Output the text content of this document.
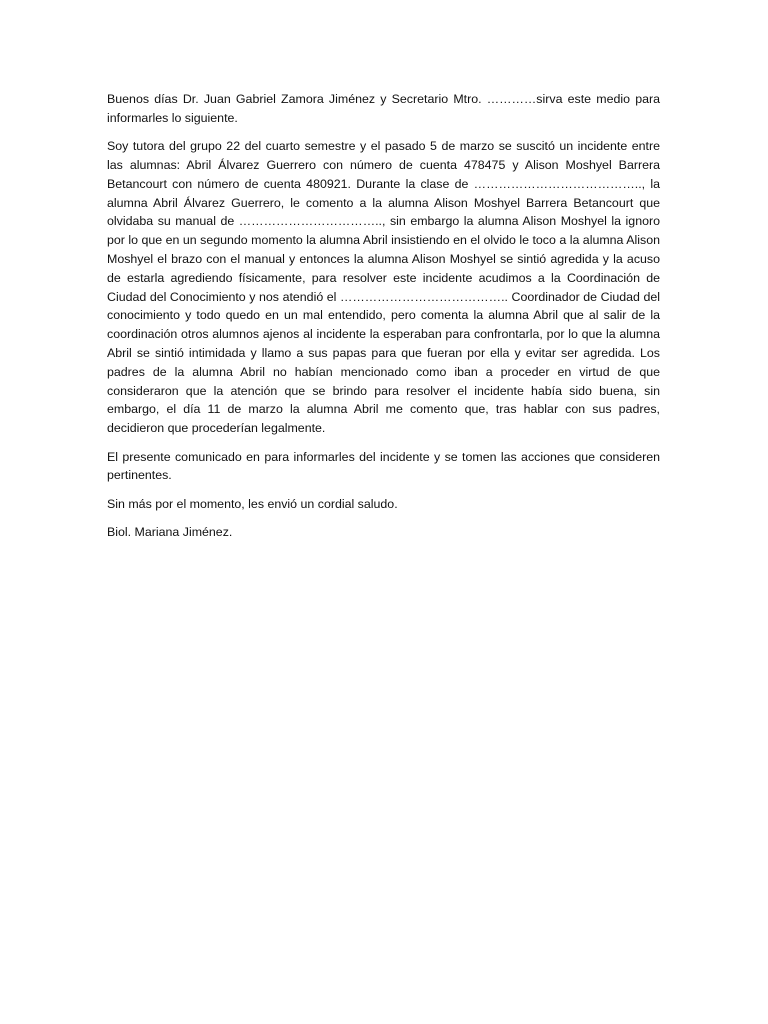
Buenos días Dr. Juan Gabriel Zamora Jiménez y Secretario Mtro. …………sirva este medio para informarles lo siguiente.

Soy tutora del grupo 22 del cuarto semestre y el pasado 5 de marzo se suscitó un incidente entre las alumnas: Abril Álvarez Guerrero con número de cuenta 478475 y Alison Moshyel Barrera Betancourt con número de cuenta 480921. Durante la clase de ………………………………….., la alumna Abril Álvarez Guerrero, le comento a la alumna Alison Moshyel Barrera Betancourt que olvidaba su manual de …………………………….., sin embargo la alumna Alison Moshyel la ignoro por lo que en un segundo momento la alumna Abril insistiendo en el olvido le toco a la alumna Alison Moshyel el brazo con el manual y entonces la alumna Alison Moshyel se sintió agredida y la acuso de estarla agrediendo físicamente, para resolver este incidente acudimos a la Coordinación de Ciudad del Conocimiento y nos atendió el ………………………………….. Coordinador de Ciudad del conocimiento y todo quedo en un mal entendido, pero comenta la alumna Abril que al salir de la coordinación otros alumnos ajenos al incidente la esperaban para confrontarla, por lo que la alumna Abril se sintió intimidada y llamo a sus papas para que fueran por ella y evitar ser agredida. Los padres de la alumna Abril no habían mencionado como iban a proceder en virtud de que consideraron que la atención que se brindo para resolver el incidente había sido buena, sin embargo, el día 11 de marzo la alumna Abril me comento que, tras hablar con sus padres, decidieron que procederían legalmente.

El presente comunicado en para informarles del incidente y se tomen las acciones que consideren pertinentes.

Sin más por el momento, les envió un cordial saludo.

Biol. Mariana Jiménez.
